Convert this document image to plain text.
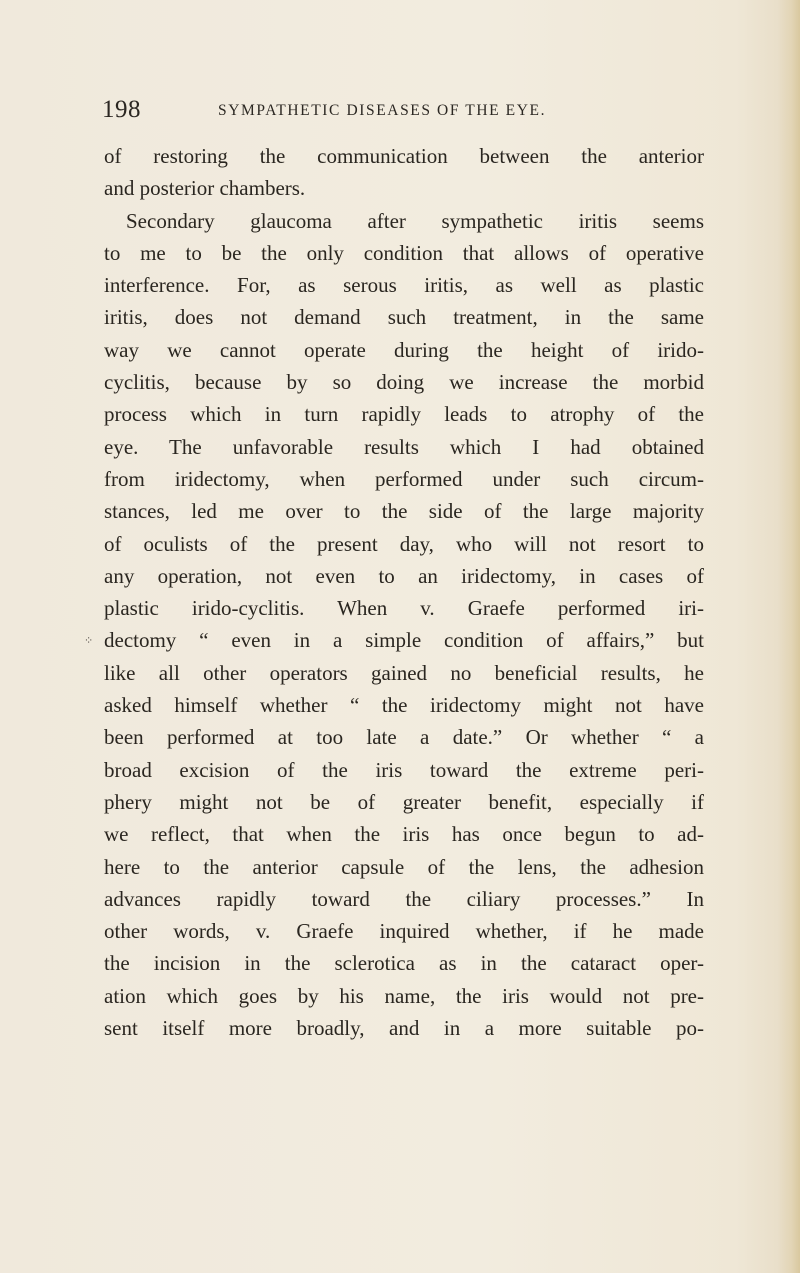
198	SYMPATHETIC DISEASES OF THE EYE.
⁘
of restoring the communication between the anterior
and posterior chambers.
Secondary glaucoma after sympathetic iritis seems
to me to be the only condition that allows of operative
interference. For, as serous iritis, as well as plastic
iritis, does not demand such treatment, in the same
way we cannot operate during the height of irido-
cyclitis, because by so doing we increase the morbid
process which in turn rapidly leads to atrophy of the
eye. The unfavorable results which I had obtained
from iridectomy, when performed under such circum-
stances, led me over to the side of the large majority
of oculists of the present day, who will not resort to
any operation, not even to an iridectomy, in cases of
plastic irido-cyclitis. When v. Graefe performed iri-
dectomy “ even in a simple condition of affairs,” but
like all other operators gained no beneficial results, he
asked himself whether “ the iridectomy might not have
been performed at too late a date.” Or whether “ a
broad excision of the iris toward the extreme peri-
phery might not be of greater benefit, especially if
we reflect, that when the iris has once begun to ad-
here to the anterior capsule of the lens, the adhesion
advances rapidly toward the ciliary processes.” In
other words, v. Graefe inquired whether, if he made
the incision in the sclerotica as in the cataract oper-
ation which goes by his name, the iris would not pre-
sent itself more broadly, and in a more suitable po-
